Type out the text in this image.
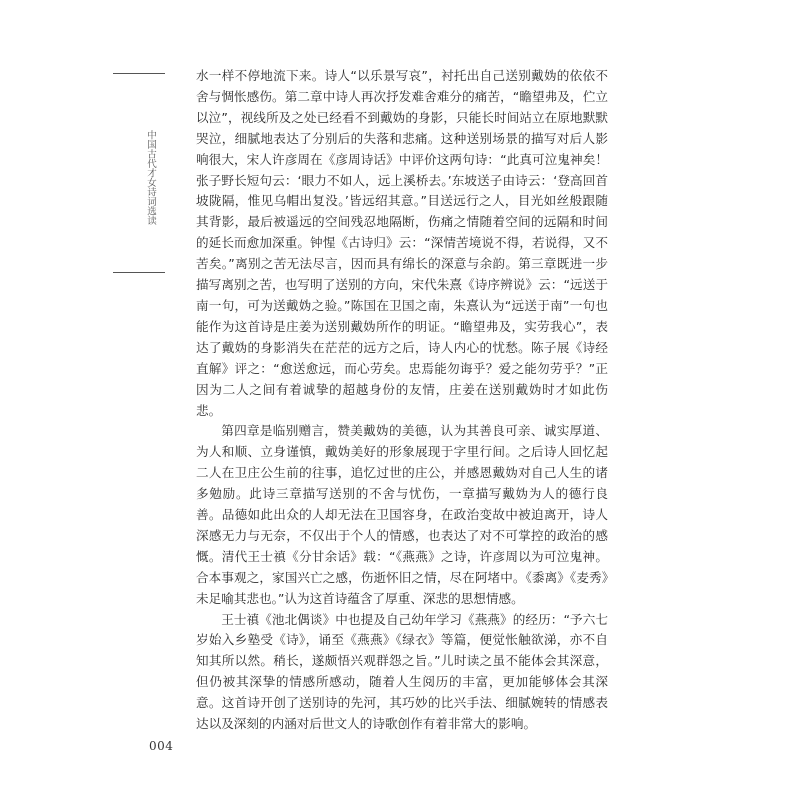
中国古代才女诗词选读

水一样不停地流下来。诗人“以乐景写哀”，衬托出自己送别戴妫的依依不舍与惆怅感伤。第二章中诗人再次抒发难舍难分的痛苦，“瞻望弗及，伫立以泣”，视线所及之处已经看不到戴妫的身影，只能长时间站立在原地默默哭泣，细腻地表达了分别后的失落和悲痛。这种送别场景的描写对后人影响很大，宋人许彦周在《彦周诗话》中评价这两句诗：“此真可泣鬼神矣！张子野长短句云：‘眼力不如人，远上溪桥去。’东坡送子由诗云：‘登高回首坡陇隔，惟见乌帽出复没。’皆远绍其意。”目送远行之人，目光如丝般跟随其背影，最后被遥远的空间残忍地隔断，伤痛之情随着空间的远隔和时间的延长而愈加深重。钟惺《古诗归》云：“深情苦境说不得，若说得，又不苦矣。”离别之苦无法尽言，因而具有绵长的深意与余韵。第三章既进一步描写离别之苦，也写明了送别的方向，宋代朱熹《诗序辨说》云：“远送于南一句，可为送戴妫之验。”陈国在卫国之南，朱熹认为“远送于南”一句也能作为这首诗是庄姜为送别戴妫所作的明证。“瞻望弗及，实劳我心”，表达了戴妫的身影消失在茫茫的远方之后，诗人内心的忧愁。陈子展《诗经直解》评之：“愈送愈远，而心劳矣。忠焉能勿诲乎？爱之能勿劳乎？”正因为二人之间有着诚挚的超越身份的友情，庄姜在送别戴妫时才如此伤悲。

第四章是临别赠言，赞美戴妫的美德，认为其善良可亲、诚实厚道、为人和顺、立身谨慎，戴妫美好的形象展现于字里行间。之后诗人回忆起二人在卫庄公生前的往事，追忆过世的庄公，并感恩戴妫对自己人生的诸多勉励。此诗三章描写送别的不舍与忧伤，一章描写戴妫为人的德行良善。品德如此出众的人却无法在卫国容身，在政治变故中被迫离开，诗人深感无力与无奈，不仅出于个人的情感，也表达了对不可掌控的政治的感慨。清代王士禛《分甘余话》载：“《燕燕》之诗，许彦周以为可泣鬼神。合本事观之，家国兴亡之感，伤逝怀旧之情，尽在阿堵中。《黍离》《麦秀》未足喻其悲也。”认为这首诗蕴含了厚重、深悲的思想情感。

王士禛《池北偶谈》中也提及自己幼年学习《燕燕》的经历：“予六七岁始入乡塾受《诗》，诵至《燕燕》《绿衣》等篇，便觉怅触欲涕，亦不自知其所以然。稍长，遂颇悟兴观群怨之旨。”儿时读之虽不能体会其深意，但仍被其深挚的情感所感动，随着人生阅历的丰富，更加能够体会其深意。这首诗开创了送别诗的先河，其巧妙的比兴手法、细腻婉转的情感表达以及深刻的内涵对后世文人的诗歌创作有着非常大的影响。

004
